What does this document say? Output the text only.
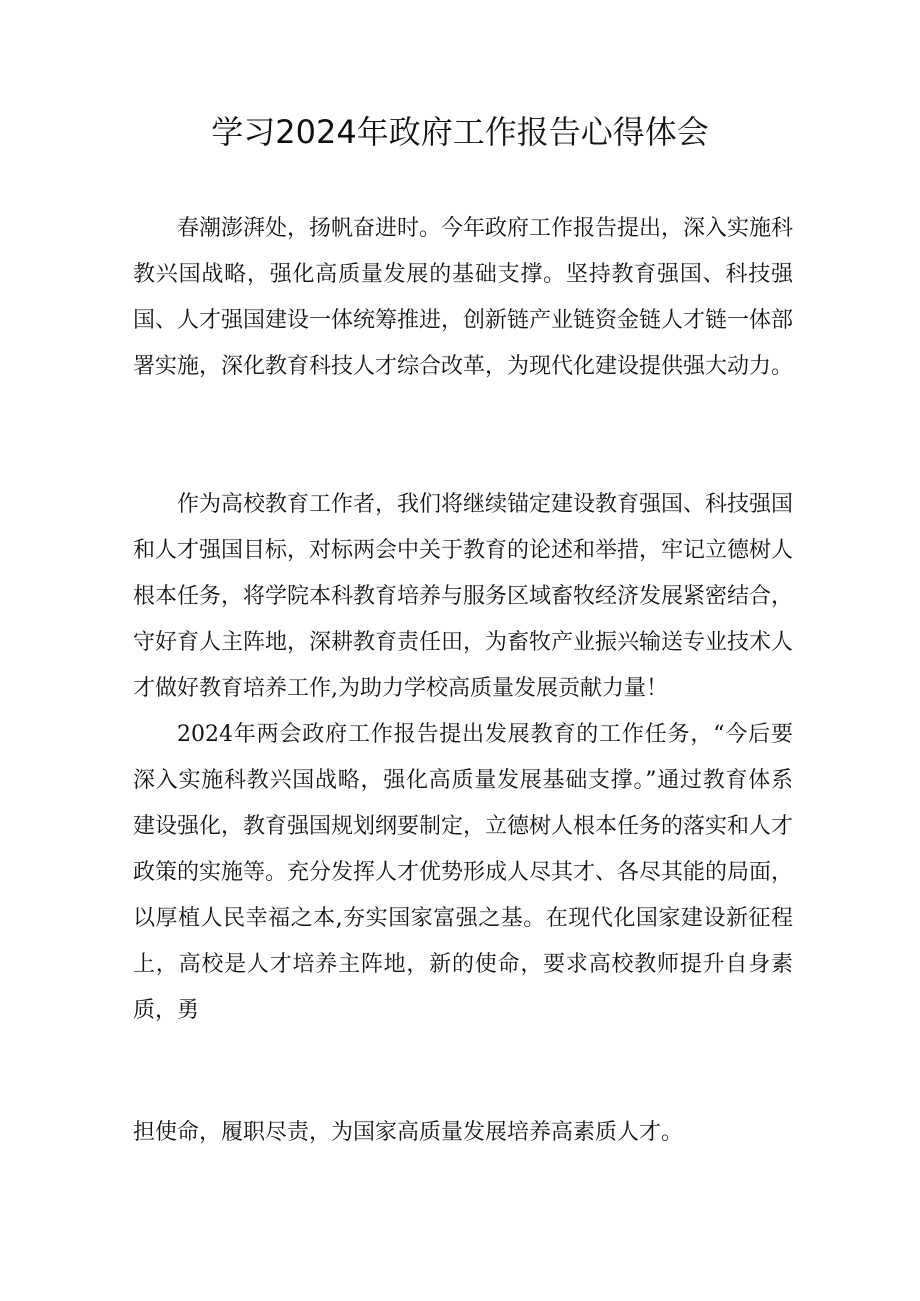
学习2024年政府工作报告心得体会

春潮澎湃处，扬帆奋进时。今年政府工作报告提出，深入实施科教兴国战略，强化高质量发展的基础支撑。坚持教育强国、科技强国、人才强国建设一体统筹推进，创新链产业链资金链人才链一体部署实施，深化教育科技人才综合改革，为现代化建设提供强大动力。

作为高校教育工作者，我们将继续锚定建设教育强国、科技强国和人才强国目标，对标两会中关于教育的论述和举措，牢记立德树人根本任务，将学院本科教育培养与服务区域畜牧经济发展紧密结合，守好育人主阵地，深耕教育责任田，为畜牧产业振兴输送专业技术人才做好教育培养工作,为助力学校高质量发展贡献力量！

2024年两会政府工作报告提出发展教育的工作任务，“今后要深入实施科教兴国战略，强化高质量发展基础支撑。”通过教育体系建设强化，教育强国规划纲要制定，立德树人根本任务的落实和人才政策的实施等。充分发挥人才优势形成人尽其才、各尽其能的局面，以厚植人民幸福之本,夯实国家富强之基。在现代化国家建设新征程上，高校是人才培养主阵地，新的使命，要求高校教师提升自身素质，勇

担使命，履职尽责，为国家高质量发展培养高素质人才。
